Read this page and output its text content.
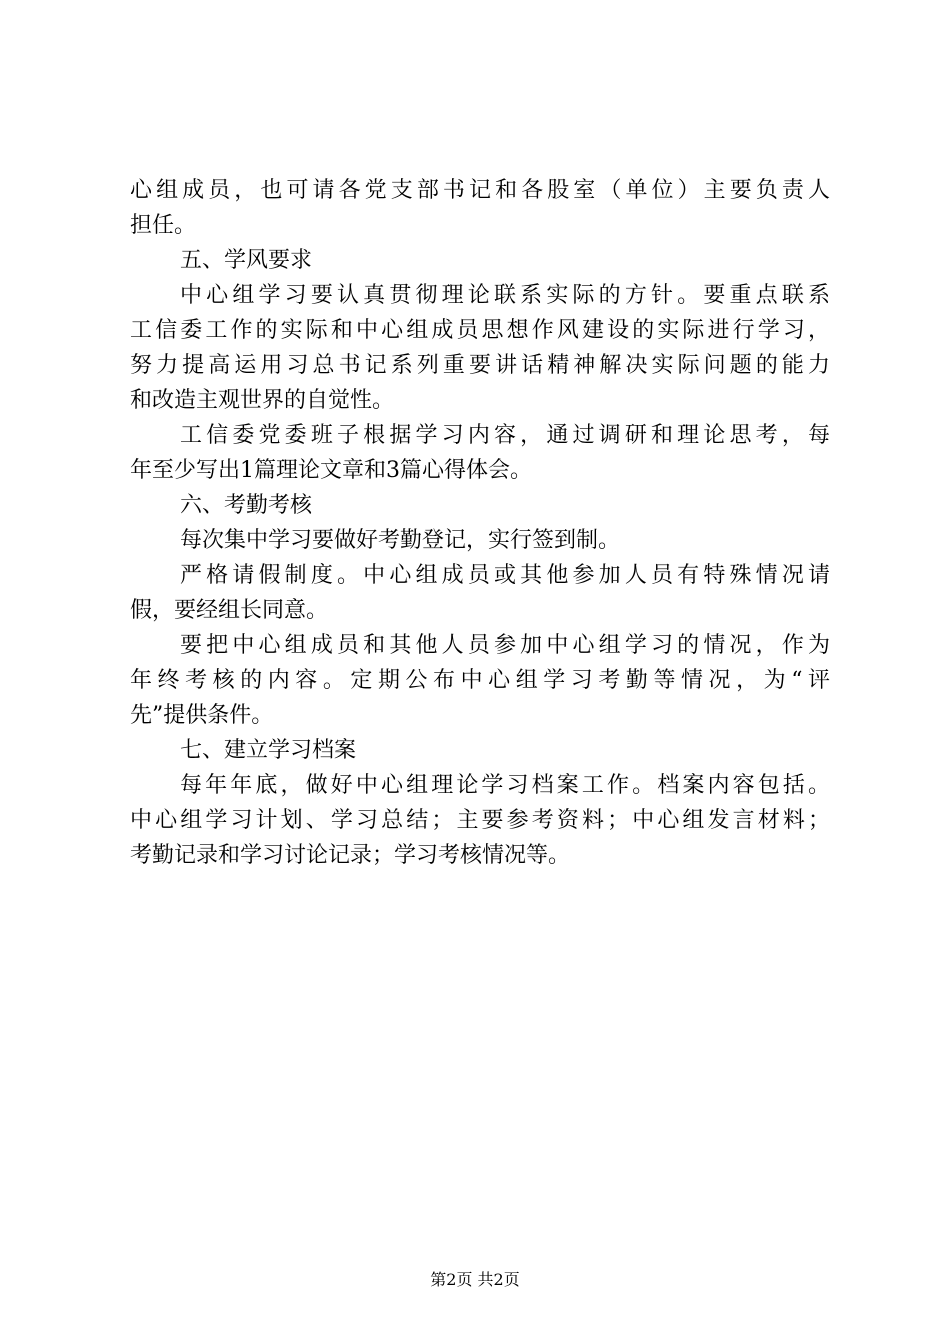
心组成员，也可请各党支部书记和各股室（单位）主要负责人
担任。
五、学风要求
中心组学习要认真贯彻理论联系实际的方针。要重点联系
工信委工作的实际和中心组成员思想作风建设的实际进行学习，
努力提高运用习总书记系列重要讲话精神解决实际问题的能力
和改造主观世界的自觉性。
工信委党委班子根据学习内容，通过调研和理论思考，每
年至少写出1篇理论文章和3篇心得体会。
六、考勤考核
每次集中学习要做好考勤登记，实行签到制。
严格请假制度。中心组成员或其他参加人员有特殊情况请
假，要经组长同意。
要把中心组成员和其他人员参加中心组学习的情况，作为
年终考核的内容。定期公布中心组学习考勤等情况，为“评
先”提供条件。
七、建立学习档案
每年年底，做好中心组理论学习档案工作。档案内容包括。
中心组学习计划、学习总结；主要参考资料；中心组发言材料；
考勤记录和学习讨论记录；学习考核情况等。
第2页 共2页
